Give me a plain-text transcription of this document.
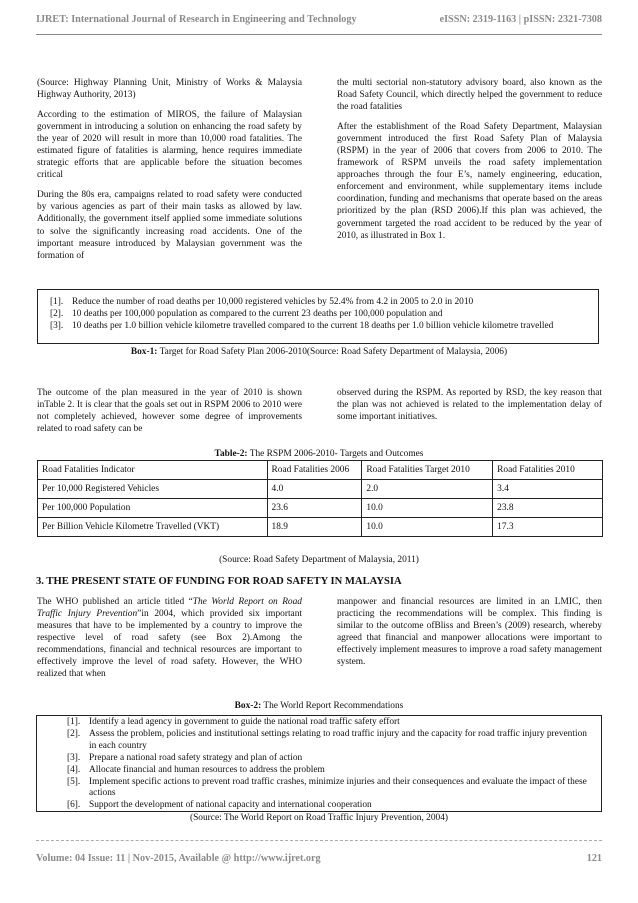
IJRET: International Journal of Research in Engineering and Technology	eISSN: 2319-1163 | pISSN: 2321-7308

(Source: Highway Planning Unit, Ministry of Works & Malaysia Highway Authority, 2013)

According to the estimation of MIROS, the failure of Malaysian government in introducing a solution on enhancing the road safety by the year of 2020 will result in more than 10,000 road fatalities. The estimated figure of fatalities is alarming, hence requires immediate strategic efforts that are applicable before the situation becomes critical

During the 80s era, campaigns related to road safety were conducted by various agencies as part of their main tasks as allowed by law. Additionally, the government itself applied some immediate solutions to solve the significantly increasing road accidents. One of the important measure introduced by Malaysian government was the formation of

the multi sectorial non-statutory advisory board, also known as the Road Safety Council, which directly helped the government to reduce the road fatalities

After the establishment of the Road Safety Department, Malaysian government introduced the first Road Safety Plan of Malaysia (RSPM) in the year of 2006 that covers from 2006 to 2010. The framework of RSPM unveils the road safety implementation approaches through the four E’s, namely engineering, education, enforcement and environment, while supplementary items include coordination, funding and mechanisms that operate based on the areas prioritized by the plan (RSD 2006).If this plan was achieved, the government targeted the road accident to be reduced by the year of 2010, as illustrated in Box 1.

[1]. Reduce the number of road deaths per 10,000 registered vehicles by 52.4% from 4.2 in 2005 to 2.0 in 2010
[2]. 10 deaths per 100,000 population as compared to the current 23 deaths per 100,000 population and
[3]. 10 deaths per 1.0 billion vehicle kilometre travelled compared to the current 18 deaths per 1.0 billion vehicle kilometre travelled
Box-1: Target for Road Safety Plan 2006-2010(Source: Road Safety Department of Malaysia, 2006)

The outcome of the plan measured in the year of 2010 is shown inTable 2. It is clear that the goals set out in RSPM 2006 to 2010 were not completely achieved, however some degree of improvements related to road safety can be

observed during the RSPM. As reported by RSD, the key reason that the plan was not achieved is related to the implementation delay of some important initiatives.

Table-2: The RSPM 2006-2010- Targets and Outcomes
Road Fatalities Indicator	Road Fatalities 2006	Road Fatalities Target 2010	Road Fatalities 2010
Per 10,000 Registered Vehicles	4.0	2.0	3.4
Per 100,000 Population	23.6	10.0	23.8
Per Billion Vehicle Kilometre Travelled (VKT)	18.9	10.0	17.3
(Source: Road Safety Department of Malaysia, 2011)
3. THE PRESENT STATE OF FUNDING FOR ROAD SAFETY IN MALAYSIA

The WHO published an article titled “The World Report on Road Traffic Injury Prevention”in 2004, which provided six important measures that have to be implemented by a country to improve the respective level of road safety (see Box 2).Among the recommendations, financial and technical resources are important to effectively improve the level of road safety. However, the WHO realized that when

manpower and financial resources are limited in an LMIC, then practicing the recommendations will be complex. This finding is similar to the outcome ofBliss and Breen’s (2009) research, whereby agreed that financial and manpower allocations were important to effectively implement measures to improve a road safety management system.

Box-2: The World Report Recommendations
[1]. Identify a lead agency in government to guide the national road traffic safety effort
[2]. Assess the problem, policies and institutional settings relating to road traffic injury and the capacity for road traffic injury prevention in each country
[3]. Prepare a national road safety strategy and plan of action
[4]. Allocate financial and human resources to address the problem
[5]. Implement specific actions to prevent road traffic crashes, minimize injuries and their consequences and evaluate the impact of these actions
[6]. Support the development of national capacity and international cooperation
(Source: The World Report on Road Traffic Injury Prevention, 2004)
Volume: 04 Issue: 11 | Nov-2015, Available @ http://www.ijret.org	121
